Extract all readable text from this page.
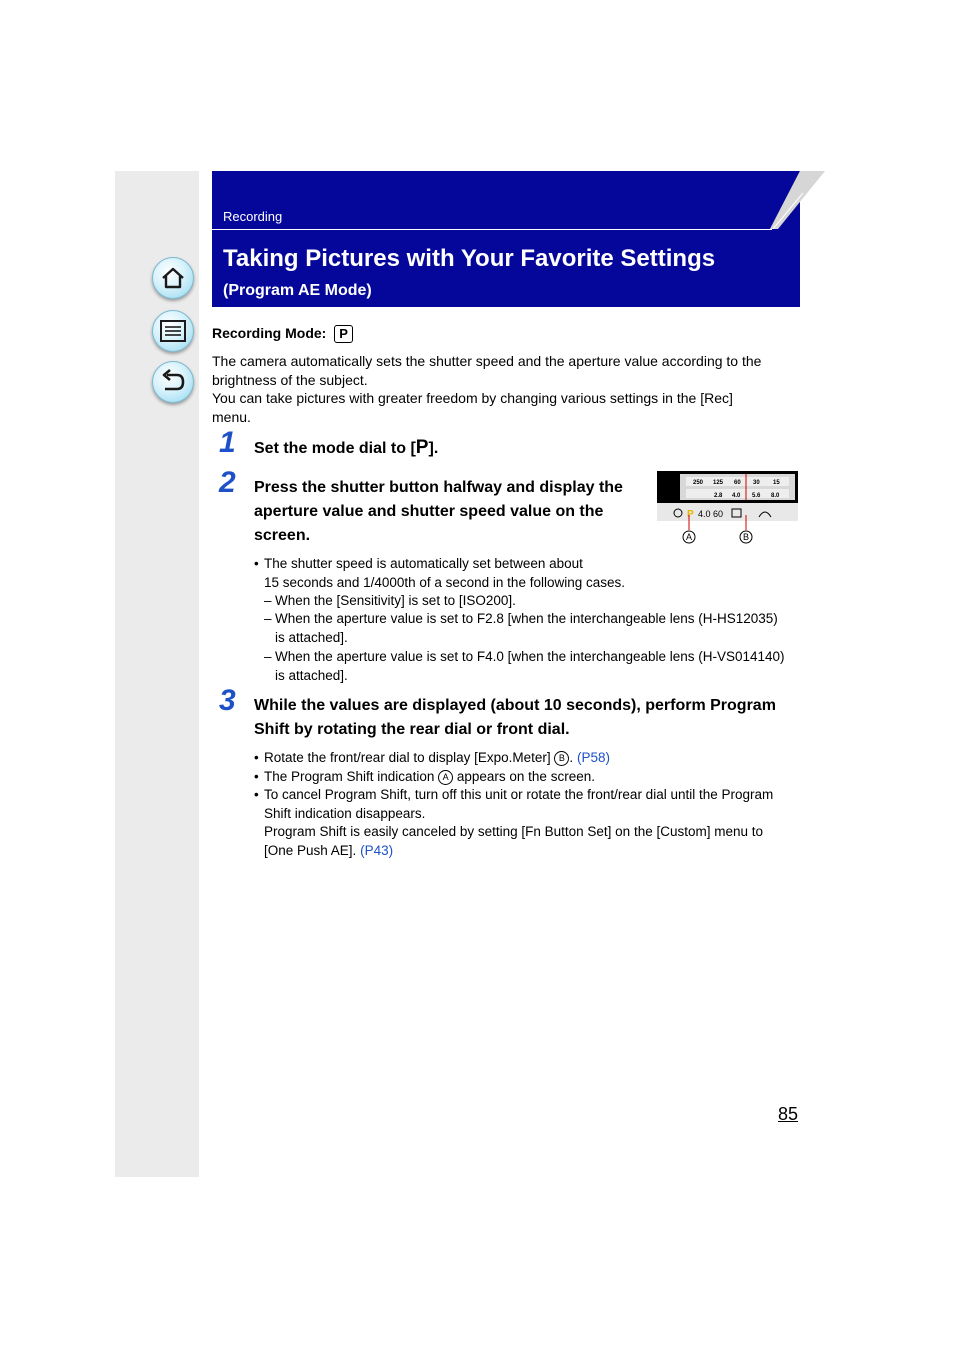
Recording
Taking Pictures with Your Favorite Settings
(Program AE Mode)
Recording Mode: P
The camera automatically sets the shutter speed and the aperture value according to the
brightness of the subject.
You can take pictures with greater freedom by changing various settings in the [Rec]
menu.
1 Set the mode dial to [P].
2 Press the shutter button halfway and display the
aperture value and shutter speed value on the
screen.
SS
F
250 125 60 30 15
2.8 4.0 5.6 8.0
P 4.0 60
A	B
• The shutter speed is automatically set between about
15 seconds and 1/4000th of a second in the following cases.
– When the [Sensitivity] is set to [ISO200].
– When the aperture value is set to F2.8 [when the interchangeable lens (H-HS12035)
is attached].
– When the aperture value is set to F4.0 [when the interchangeable lens (H-VS014140)
is attached].
3 While the values are displayed (about 10 seconds), perform Program
Shift by rotating the rear dial or front dial.
• Rotate the front/rear dial to display [Expo.Meter] B . (P58)
• The Program Shift indication A appears on the screen.
• To cancel Program Shift, turn off this unit or rotate the front/rear dial until the Program
Shift indication disappears.
Program Shift is easily canceled by setting [Fn Button Set] on the [Custom] menu to
[One Push AE]. (P43)
85
